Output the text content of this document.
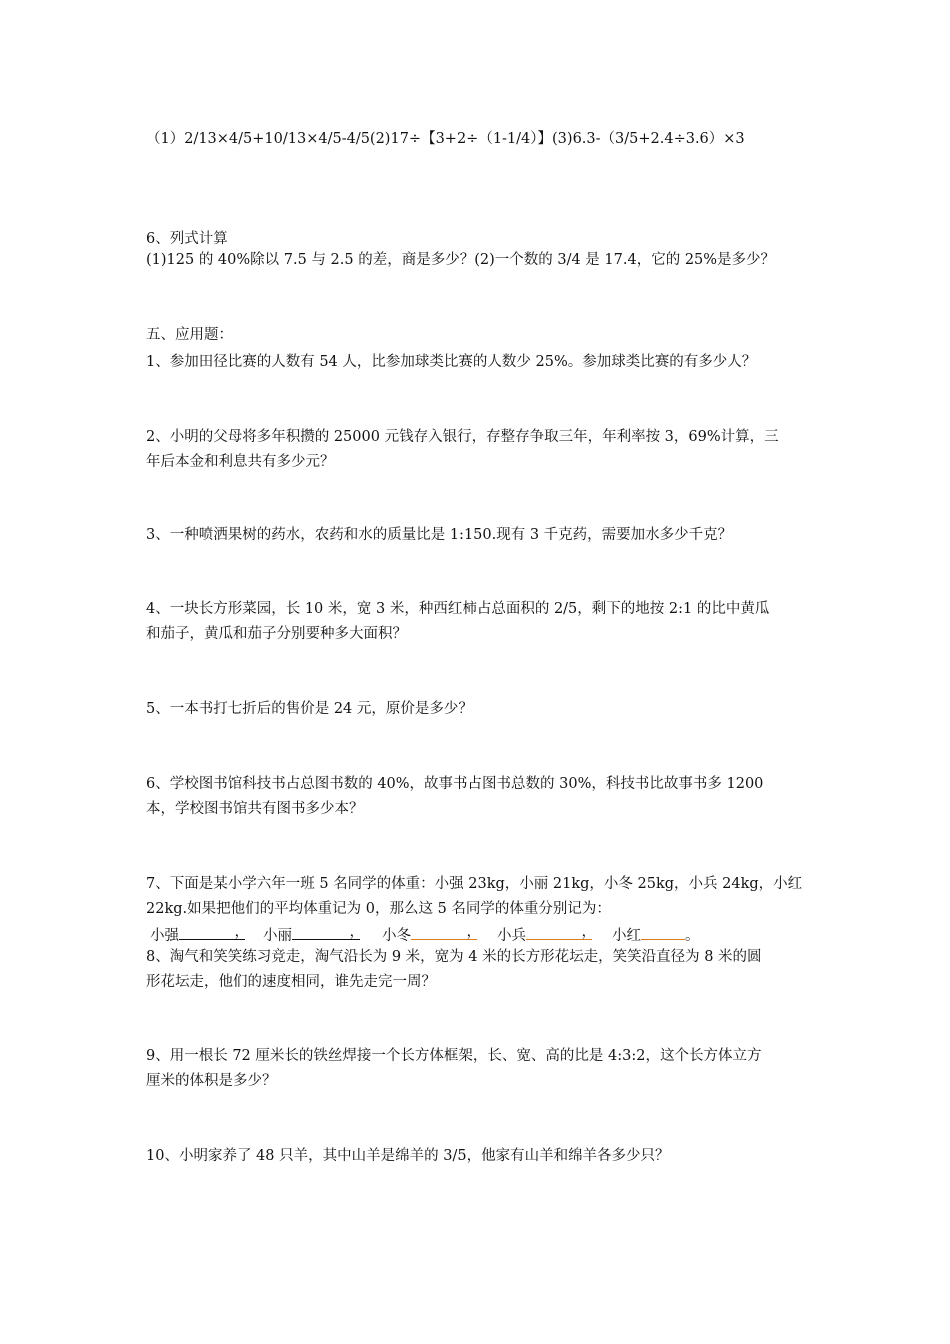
（1）2/13×4/5+10/13×4/5-4/5(2)17÷【3+2÷（1-1/4）】(3)6.3-（3/5+2.4÷3.6）×3

6、列式计算

(1)125 的 40%除以 7.5 与 2.5 的差，商是多少？(2)一个数的 3/4 是 17.4，它的 25%是多少？

五、应用题：

1、参加田径比赛的人数有 54 人，比参加球类比赛的人数少 25%。参加球类比赛的有多少人？

2、小明的父母将多年积攒的 25000 元钱存入银行，存整存争取三年，年利率按 3，69%计算，三

年后本金和利息共有多少元？

3、一种喷洒果树的药水，农药和水的质量比是 1:150.现有 3 千克药，需要加水多少千克？

4、一块长方形菜园，长 10 米，宽 3 米，种西红柿占总面积的 2/5，剩下的地按 2:1 的比中黄瓜

和茄子，黄瓜和茄子分别要种多大面积？

5、一本书打七折后的售价是 24 元，原价是多少？

6、学校图书馆科技书占总图书数的 40%，故事书占图书总数的 30%，科技书比故事书多 1200

本，学校图书馆共有图书多少本？

7、下面是某小学六年一班 5 名同学的体重：小强 23kg，小丽 21kg，小冬 25kg，小兵 24kg，小红

22kg.如果把他们的平均体重记为 0，那么这 5 名同学的体重分别记为：

小强	， 小丽	， 小冬	， 小兵	， 小红	。

8、淘气和笑笑练习竞走，淘气沿长为 9 米，宽为 4 米的长方形花坛走，笑笑沿直径为 8 米的圆

形花坛走，他们的速度相同，谁先走完一周？

9、用一根长 72 厘米长的铁丝焊接一个长方体框架，长、宽、高的比是 4:3:2，这个长方体立方

厘米的体积是多少？

10、小明家养了 48 只羊，其中山羊是绵羊的 3/5，他家有山羊和绵羊各多少只？
